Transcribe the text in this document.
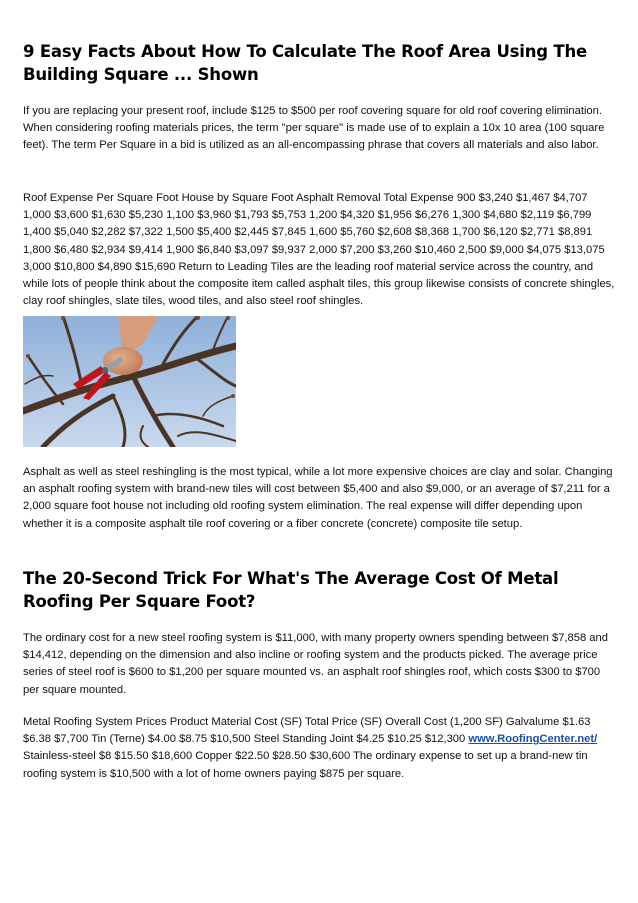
9 Easy Facts About How To Calculate The Roof Area Using The Building Square ... Shown

If you are replacing your present roof, include $125 to $500 per roof covering square for old roof covering elimination. When considering roofing materials prices, the term "per square" is made use of to explain a 10x 10 area (100 square feet). The term Per Square in a bid is utilized as an all-encompassing phrase that covers all materials and also labor.

Roof Expense Per Square Foot House by Square Foot Asphalt Removal Total Expense 900 $3,240 $1,467 $4,707 1,000 $3,600 $1,630 $5,230 1,100 $3,960 $1,793 $5,753 1,200 $4,320 $1,956 $6,276 1,300 $4,680 $2,119 $6,799 1,400 $5,040 $2,282 $7,322 1,500 $5,400 $2,445 $7,845 1,600 $5,760 $2,608 $8,368 1,700 $6,120 $2,771 $8,891 1,800 $6,480 $2,934 $9,414 1,900 $6,840 $3,097 $9,937 2,000 $7,200 $3,260 $10,460 2,500 $9,000 $4,075 $13,075 3,000 $10,800 $4,890 $15,690 Return to Leading Tiles are the leading roof material service across the country, and while lots of people think about the composite item called asphalt tiles, this group likewise consists of concrete shingles, clay roof shingles, slate tiles, wood tiles, and also steel roof shingles.

Asphalt as well as steel reshingling is the most typical, while a lot more expensive choices are clay and solar. Changing an asphalt roofing system with brand-new tiles will cost between $5,400 and also $9,000, or an average of $7,211 for a 2,000 square foot house not including old roofing system elimination. The real expense will differ depending upon whether it is a composite asphalt tile roof covering or a fiber concrete (concrete) composite tile setup.

The 20-Second Trick For What's The Average Cost Of Metal Roofing Per Square Foot?

The ordinary cost for a new steel roofing system is $11,000, with many property owners spending between $7,858 and $14,412, depending on the dimension and also incline or roofing system and the products picked. The average price series of steel roof is $600 to $1,200 per square mounted vs. an asphalt roof shingles roof, which costs $300 to $700 per square mounted.

Metal Roofing System Prices Product Material Cost (SF) Total Price (SF) Overall Cost (1,200 SF) Galvalume $1.63 $6.38 $7,700 Tin (Terne) $4.00 $8.75 $10,500 Steel Standing Joint $4.25 $10.25 $12,300 www.RoofingCenter.net/ Stainless-steel $8 $15.50 $18,600 Copper $22.50 $28.50 $30,600 The ordinary expense to set up a brand-new tin roofing system is $10,500 with a lot of home owners paying $875 per square.
